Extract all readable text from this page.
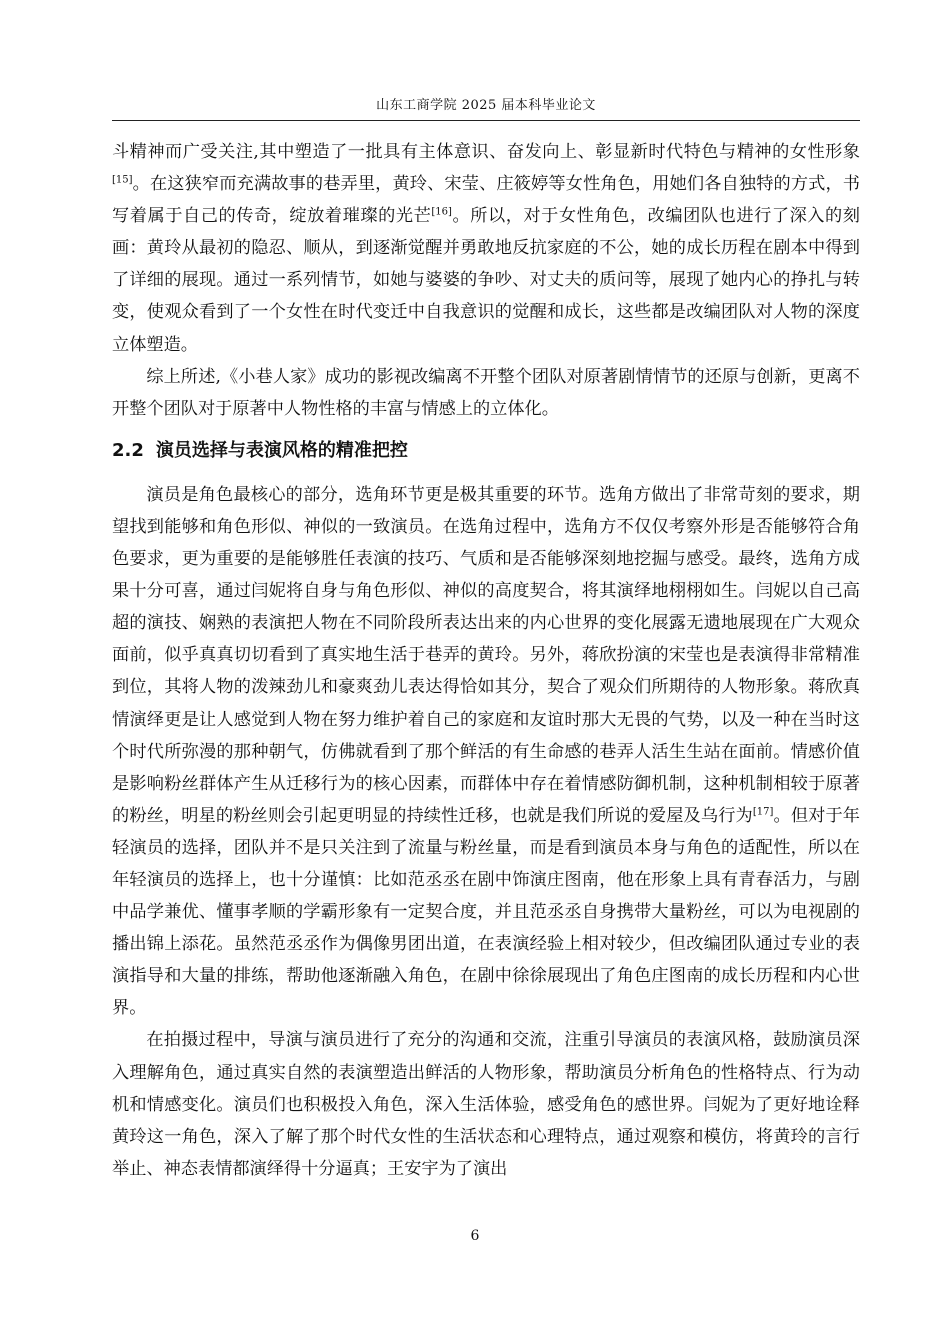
山东工商学院 2025 届本科毕业论文

斗精神而广受关注,其中塑造了一批具有主体意识、奋发向上、彰显新时代特色与精神的女性形象[15]。在这狭窄而充满故事的巷弄里，黄玲、宋莹、庄筱婷等女性角色，用她们各自独特的方式，书写着属于自己的传奇，绽放着璀璨的光芒[16]。所以，对于女性角色，改编团队也进行了深入的刻画：黄玲从最初的隐忍、顺从，到逐渐觉醒并勇敢地反抗家庭的不公，她的成长历程在剧本中得到了详细的展现。通过一系列情节，如她与婆婆的争吵、对丈夫的质问等，展现了她内心的挣扎与转变，使观众看到了一个女性在时代变迁中自我意识的觉醒和成长，这些都是改编团队对人物的深度立体塑造。

综上所述,《小巷人家》成功的影视改编离不开整个团队对原著剧情情节的还原与创新，更离不开整个团队对于原著中人物性格的丰富与情感上的立体化。

2.2 演员选择与表演风格的精准把控

演员是角色最核心的部分，选角环节更是极其重要的环节。选角方做出了非常苛刻的要求，期望找到能够和角色形似、神似的一致演员。在选角过程中，选角方不仅仅考察外形是否能够符合角色要求，更为重要的是能够胜任表演的技巧、气质和是否能够深刻地挖掘与感受。最终，选角方成果十分可喜，通过闫妮将自身与角色形似、神似的高度契合，将其演绎地栩栩如生。闫妮以自己高超的演技、娴熟的表演把人物在不同阶段所表达出来的内心世界的变化展露无遗地展现在广大观众面前，似乎真真切切看到了真实地生活于巷弄的黄玲。另外，蒋欣扮演的宋莹也是表演得非常精准到位，其将人物的泼辣劲儿和豪爽劲儿表达得恰如其分，契合了观众们所期待的人物形象。蒋欣真情演绎更是让人感觉到人物在努力维护着自己的家庭和友谊时那大无畏的气势，以及一种在当时这个时代所弥漫的那种朝气，仿佛就看到了那个鲜活的有生命感的巷弄人活生生站在面前。情感价值是影响粉丝群体产生从迁移行为的核心因素，而群体中存在着情感防御机制，这种机制相较于原著的粉丝，明星的粉丝则会引起更明显的持续性迁移，也就是我们所说的爱屋及乌行为[17]。但对于年轻演员的选择，团队并不是只关注到了流量与粉丝量，而是看到演员本身与角色的适配性，所以在年轻演员的选择上，也十分谨慎：比如范丞丞在剧中饰演庄图南，他在形象上具有青春活力，与剧中品学兼优、懂事孝顺的学霸形象有一定契合度，并且范丞丞自身携带大量粉丝，可以为电视剧的播出锦上添花。虽然范丞丞作为偶像男团出道，在表演经验上相对较少，但改编团队通过专业的表演指导和大量的排练，帮助他逐渐融入角色，在剧中徐徐展现出了角色庄图南的成长历程和内心世界。

在拍摄过程中，导演与演员进行了充分的沟通和交流，注重引导演员的表演风格，鼓励演员深入理解角色，通过真实自然的表演塑造出鲜活的人物形象，帮助演员分析角色的性格特点、行为动机和情感变化。演员们也积极投入角色，深入生活体验，感受角色的感世界。闫妮为了更好地诠释黄玲这一角色，深入了解了那个时代女性的生活状态和心理特点，通过观察和模仿，将黄玲的言行举止、神态表情都演绎得十分逼真；王安宇为了演出

6
